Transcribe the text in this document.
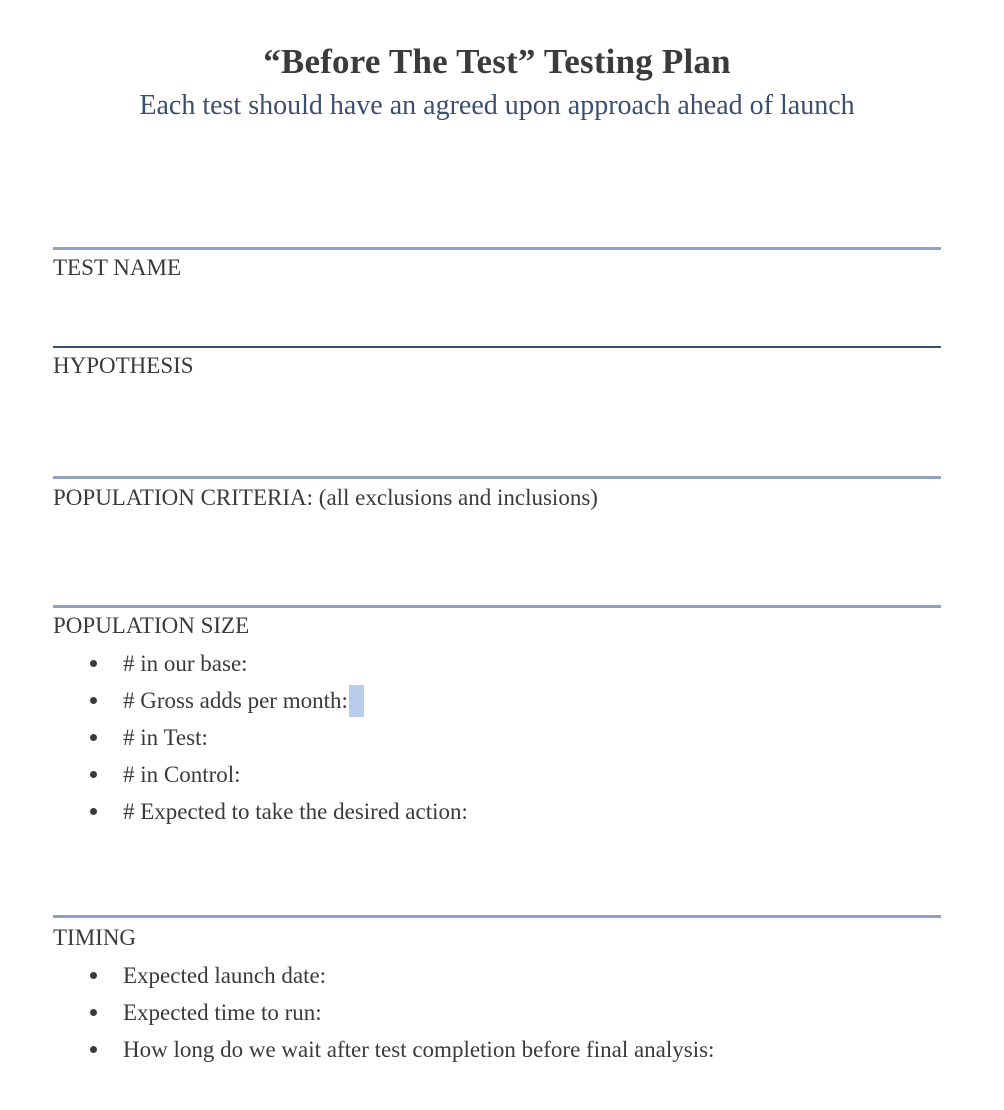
“Before The Test” Testing Plan

Each test should have an agreed upon approach ahead of launch

TEST NAME

HYPOTHESIS

POPULATION CRITERIA: (all exclusions and inclusions)

POPULATION SIZE

# in our base:
# Gross adds per month:
# in Test:
# in Control:
# Expected to take the desired action:

TIMING

Expected launch date:
Expected time to run:
How long do we wait after test completion before final analysis:
